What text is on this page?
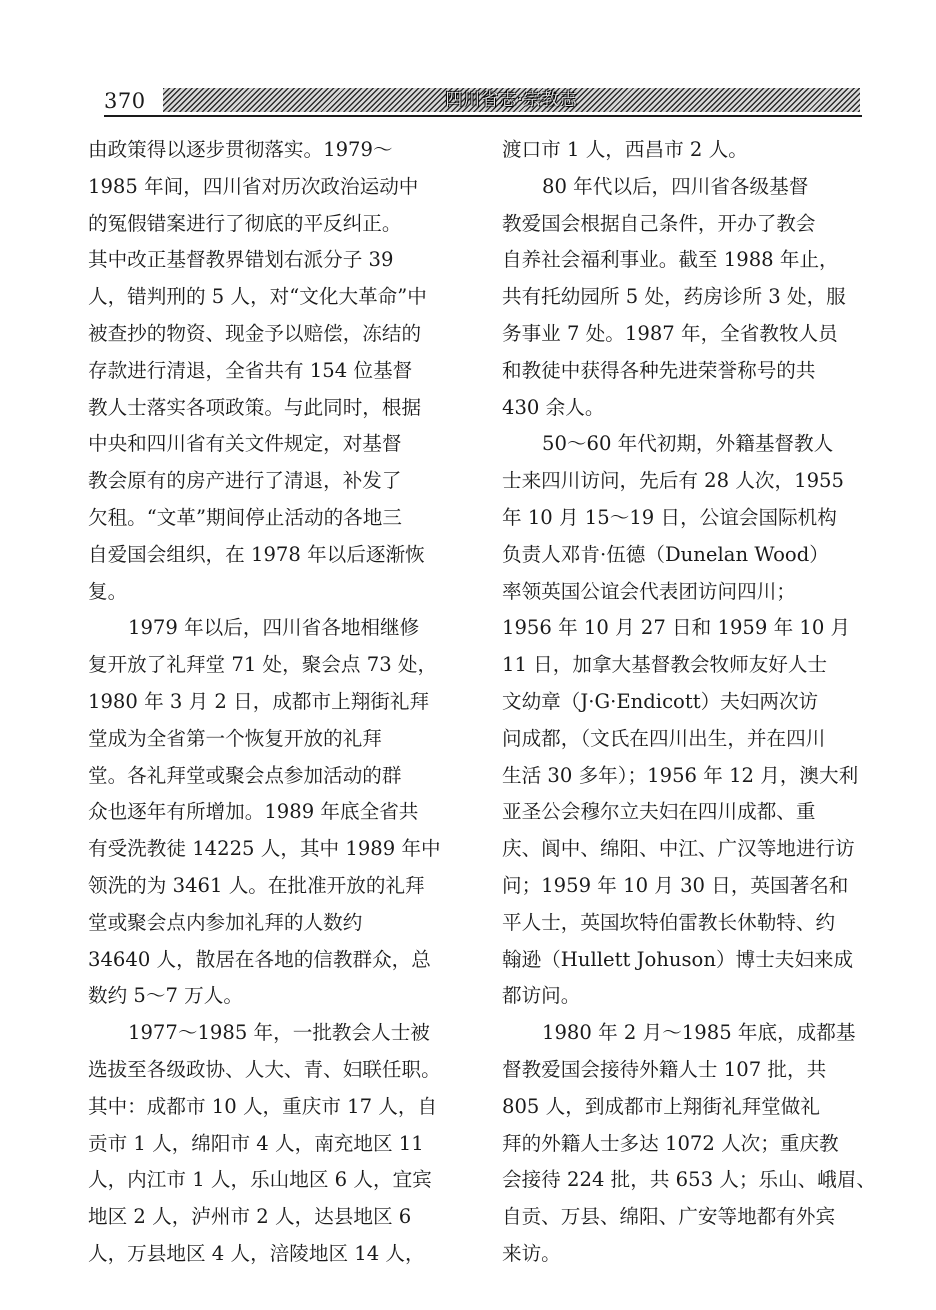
370	四川省志·宗教志
由政策得以逐步贯彻落实。1979～
1985 年间，四川省对历次政治运动中
的冤假错案进行了彻底的平反纠正。
其中改正基督教界错划右派分子 39
人，错判刑的 5 人，对“文化大革命”中
被查抄的物资、现金予以赔偿，冻结的
存款进行清退，全省共有 154 位基督
教人士落实各项政策。与此同时，根据
中央和四川省有关文件规定，对基督
教会原有的房产进行了清退，补发了
欠租。“文革”期间停止活动的各地三
自爱国会组织，在 1978 年以后逐渐恢
复。
1979 年以后，四川省各地相继修
复开放了礼拜堂 71 处，聚会点 73 处，
1980 年 3 月 2 日，成都市上翔街礼拜
堂成为全省第一个恢复开放的礼拜
堂。各礼拜堂或聚会点参加活动的群
众也逐年有所增加。1989 年底全省共
有受洗教徒 14225 人，其中 1989 年中
领洗的为 3461 人。在批准开放的礼拜
堂或聚会点内参加礼拜的人数约
34640 人，散居在各地的信教群众，总
数约 5～7 万人。
1977～1985 年，一批教会人士被
选拔至各级政协、人大、青、妇联任职。
其中：成都市 10 人，重庆市 17 人，自
贡市 1 人，绵阳市 4 人，南充地区 11
人，内江市 1 人，乐山地区 6 人，宜宾
地区 2 人，泸州市 2 人，达县地区 6
人，万县地区 4 人，涪陵地区 14 人，
渡口市 1 人，西昌市 2 人。
80 年代以后，四川省各级基督
教爱国会根据自己条件，开办了教会
自养社会福利事业。截至 1988 年止，
共有托幼园所 5 处，药房诊所 3 处，服
务事业 7 处。1987 年，全省教牧人员
和教徒中获得各种先进荣誉称号的共
430 余人。
50～60 年代初期，外籍基督教人
士来四川访问，先后有 28 人次，1955
年 10 月 15～19 日，公谊会国际机构
负责人邓肯·伍德（Dunelan Wood）
率领英国公谊会代表团访问四川；
1956 年 10 月 27 日和 1959 年 10 月
11 日，加拿大基督教会牧师友好人士
文幼章（J·G·Endicott）夫妇两次访
问成都，（文氏在四川出生，并在四川
生活 30 多年）；1956 年 12 月，澳大利
亚圣公会穆尔立夫妇在四川成都、重
庆、阆中、绵阳、中江、广汉等地进行访
问；1959 年 10 月 30 日，英国著名和
平人士，英国坎特伯雷教长休勒特、约
翰逊（Hullett Johuson）博士夫妇来成
都访问。
1980 年 2 月～1985 年底，成都基
督教爱国会接待外籍人士 107 批，共
805 人，到成都市上翔街礼拜堂做礼
拜的外籍人士多达 1072 人次；重庆教
会接待 224 批，共 653 人；乐山、峨眉、
自贡、万县、绵阳、广安等地都有外宾
来访。
